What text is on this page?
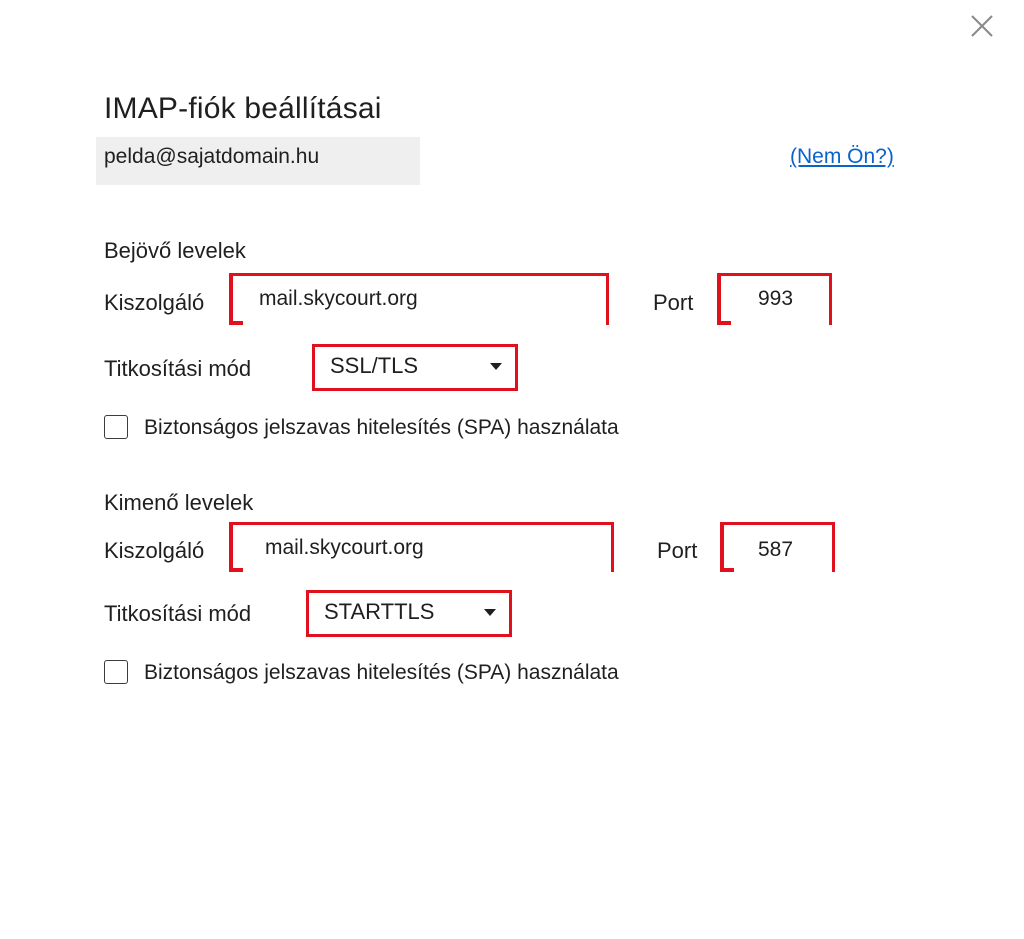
IMAP-fiók beállításai
pelda@sajatdomain.hu	(Nem Ön?)
Bejövő levelek
Kiszolgáló	mail.skycourt.org	Port	993
Titkosítási mód	SSL/TLS
Biztonságos jelszavas hitelesítés (SPA) használata
Kimenő levelek
Kiszolgáló	mail.skycourt.org	Port	587
Titkosítási mód	STARTTLS
Biztonságos jelszavas hitelesítés (SPA) használata
